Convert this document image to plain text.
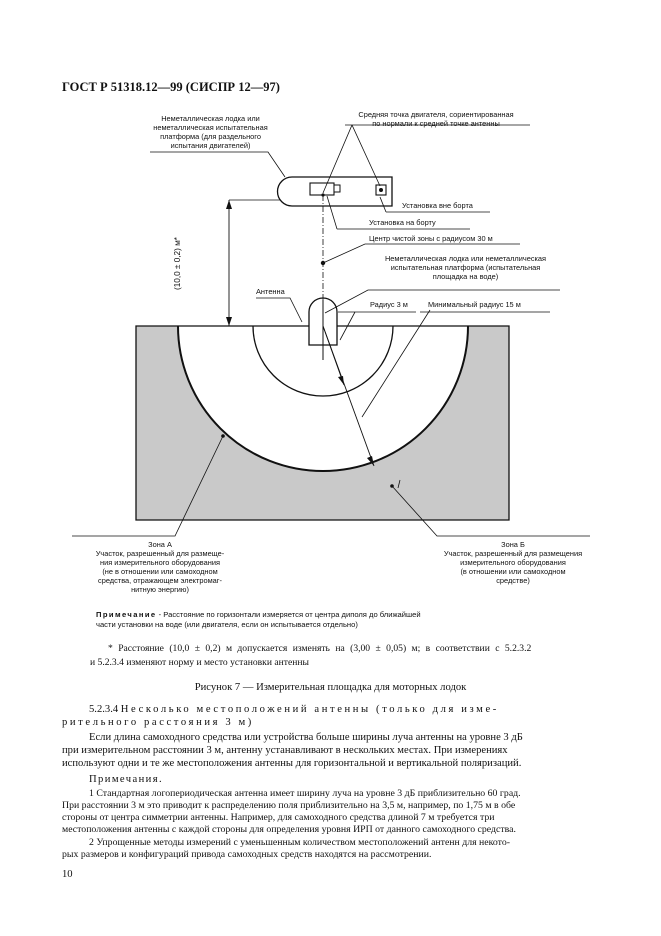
ГОСТ Р 51318.12—99 (СИСПР 12—97)
Неметаллическая лодка или
неметаллическая испытательная
платформа (для раздельного
испытания двигателей)
Средняя точка двигателя, сориентированная
по нормали к средней точке антенны
Установка вне борта
Установка на борту
Центр чистой зоны с радиусом 30 м
Неметаллическая лодка или неметаллическая
испытательная платформа (испытательная
площадка на воде)
Антенна
Радиус 3 м	Минимальный радиус 15 м
(10,0 ± 0,2) м*
Зона А
Участок, разрешенный для размеще-
ния измерительного оборудования
(не в отношении или самоходном
средства, отражающем электромаг-
нитную энергию)
Зона Б
Участок, разрешенный для размещения
измерительного оборудования
(в отношении или самоходном
средстве)
Примечание - Расстояние по горизонтали измеряется от центра диполя до ближайшей
части установки на воде (или двигателя, если он испытывается отдельно)
* Расстояние (10,0 ± 0,2) м допускается изменять на (3,00 ± 0,05) м; в соответствии с 5.2.3.2
и 5.2.3.4 изменяют норму и место установки антенны
Рисунок 7 — Измерительная площадка для моторных лодок
5.2.3.4 Несколько местоположений антенны (только для изме-
рительного расстояния 3 м)
Если длина самоходного средства или устройства больше ширины луча антенны на уровне 3 дБ
при измерительном расстоянии 3 м, антенну устанавливают в нескольких местах. При измерениях
используют одни и те же местоположения антенны для горизонтальной и вертикальной поляризаций.
Примечания.
1 Стандартная логопериодическая антенна имеет ширину луча на уровне 3 дБ приблизительно 60 град.
При расстоянии 3 м это приводит к распределению поля приблизительно на 3,5 м, например, по 1,75 м в обе
стороны от центра симметрии антенны. Например, для самоходного средства длиной 7 м требуется три
местоположения антенны с каждой стороны для определения уровня ИРП от данного самоходного средства.
2 Упрощенные методы измерений с уменьшенным количеством местоположений антенн для некото-
рых размеров и конфигураций привода самоходных средств находятся на рассмотрении.
10
